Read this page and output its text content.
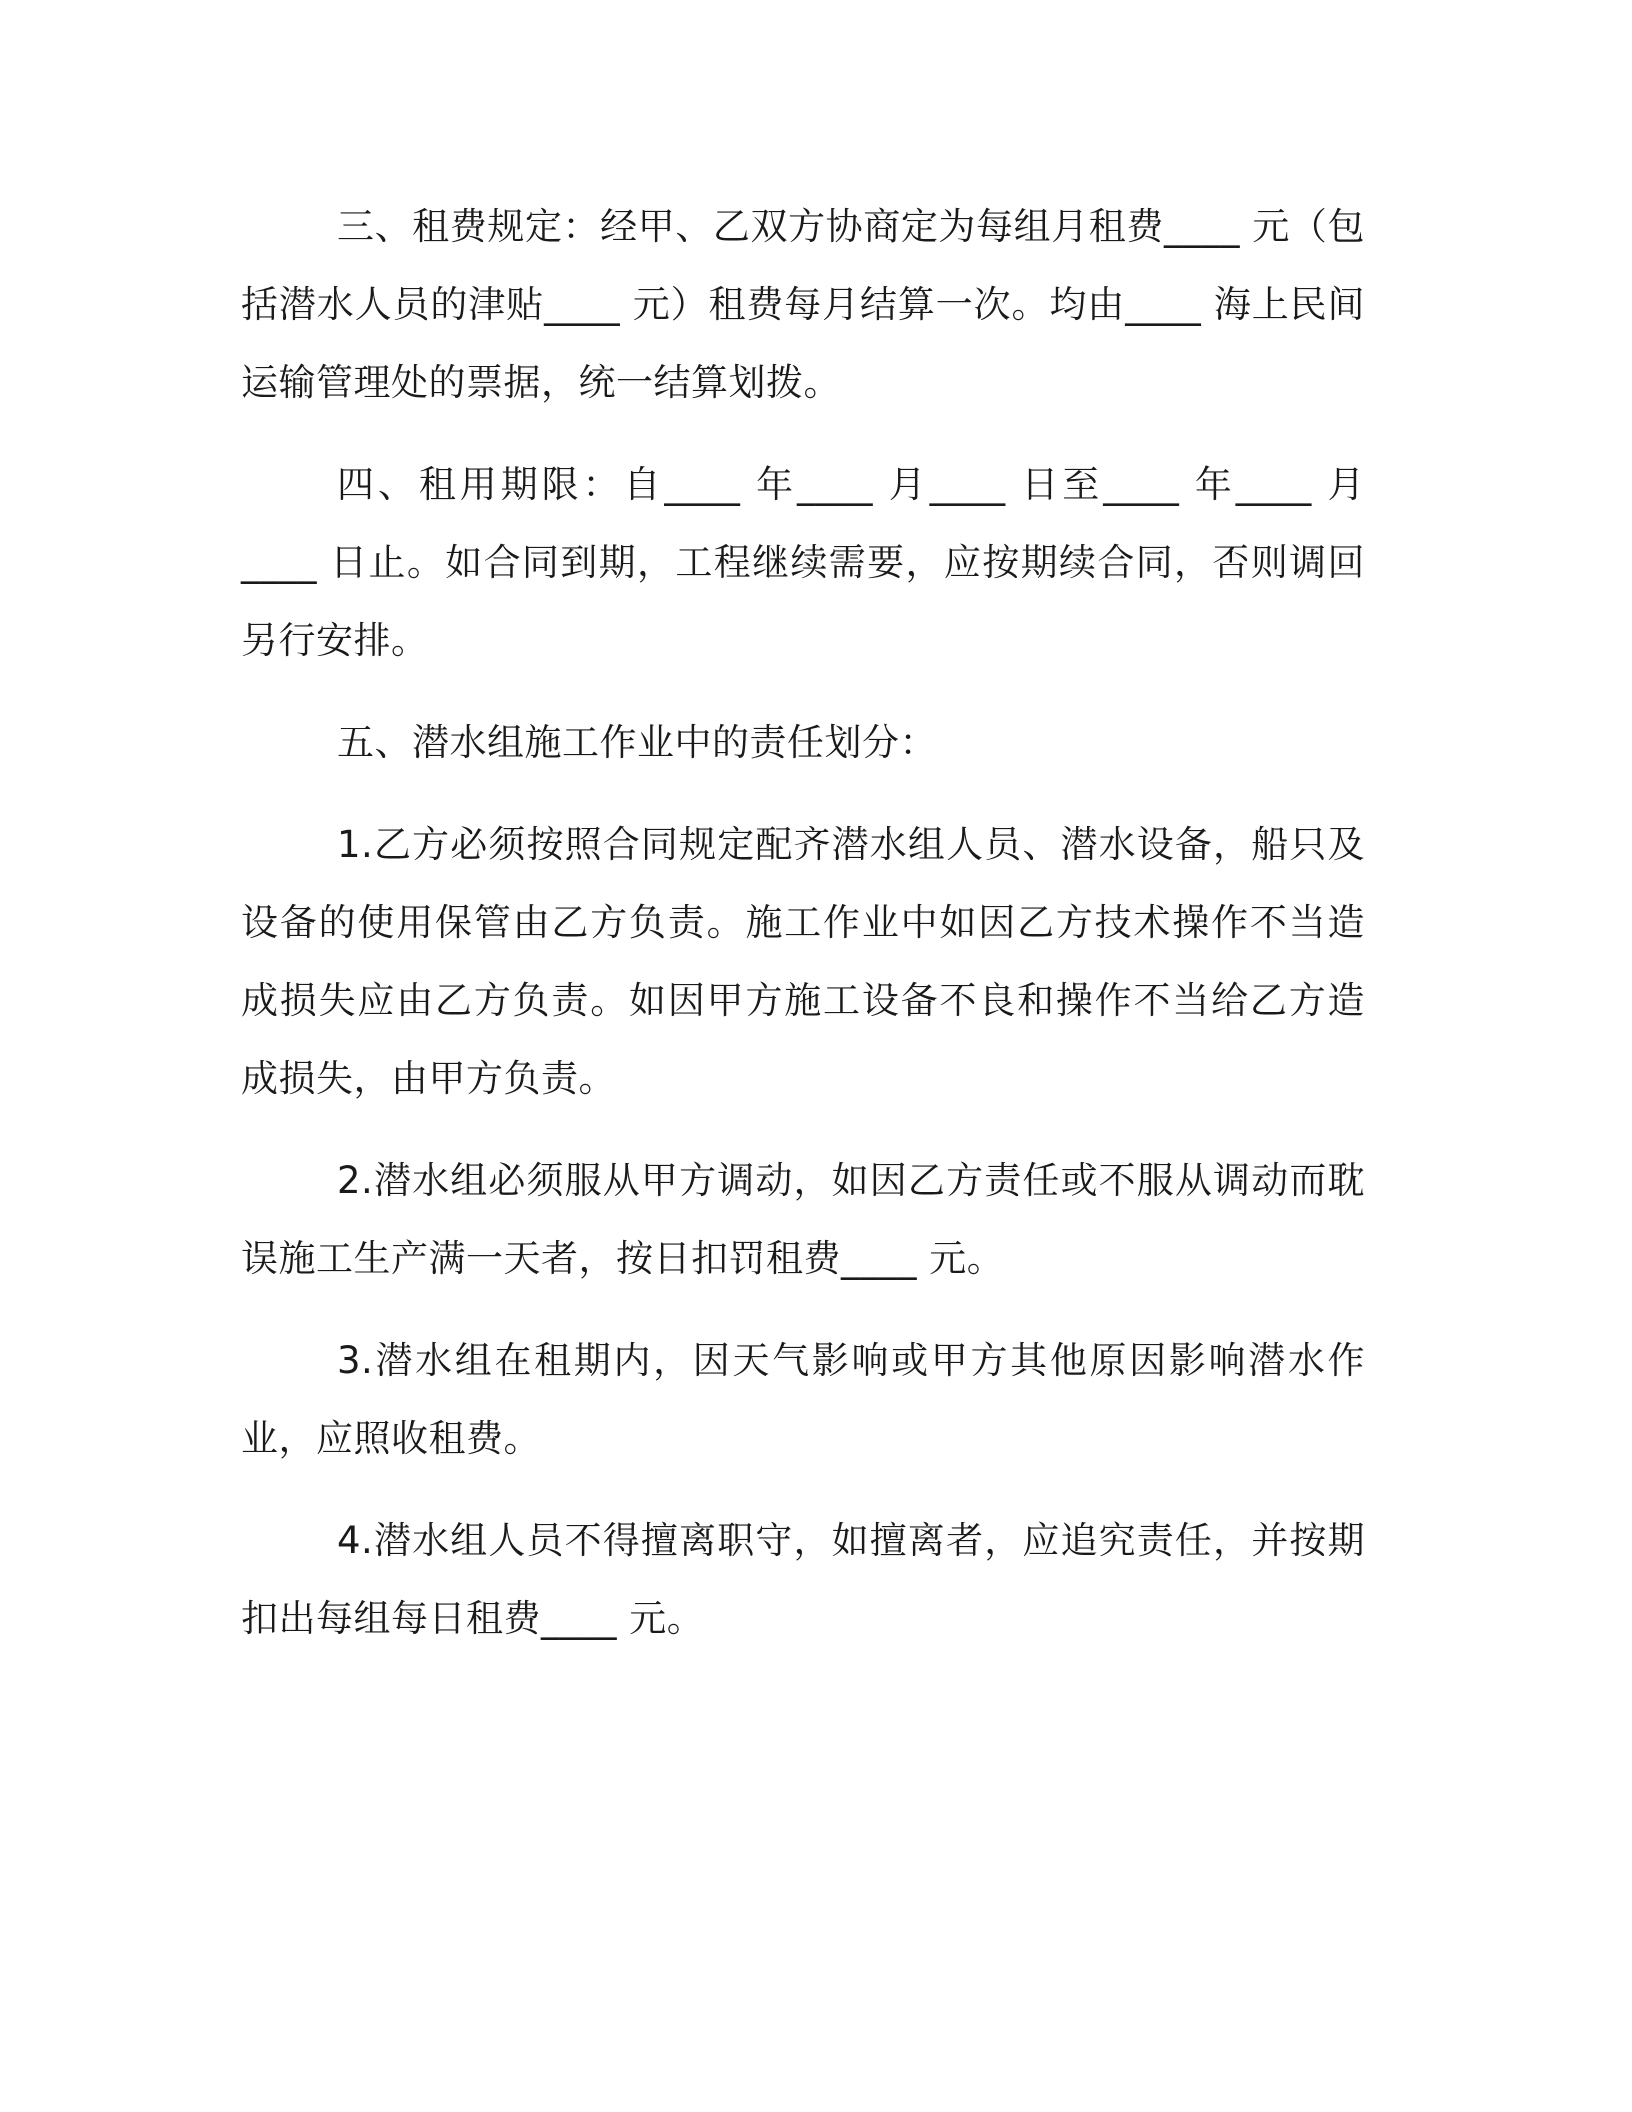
三、租费规定：经甲、乙双方协商定为每组月租费____ 元（包括潜水人员的津贴____ 元）租费每月结算一次。均由____ 海上民间运输管理处的票据，统一结算划拨。

四、租用期限：自____ 年____ 月____ 日至____ 年____ 月____ 日止。如合同到期，工程继续需要，应按期续合同，否则调回另行安排。

五、潜水组施工作业中的责任划分：

1.乙方必须按照合同规定配齐潜水组人员、潜水设备，船只及设备的使用保管由乙方负责。施工作业中如因乙方技术操作不当造成损失应由乙方负责。如因甲方施工设备不良和操作不当给乙方造成损失，由甲方负责。

2.潜水组必须服从甲方调动，如因乙方责任或不服从调动而耽误施工生产满一天者，按日扣罚租费____ 元。

3.潜水组在租期内，因天气影响或甲方其他原因影响潜水作业，应照收租费。

4.潜水组人员不得擅离职守，如擅离者，应追究责任，并按期扣出每组每日租费____ 元。
